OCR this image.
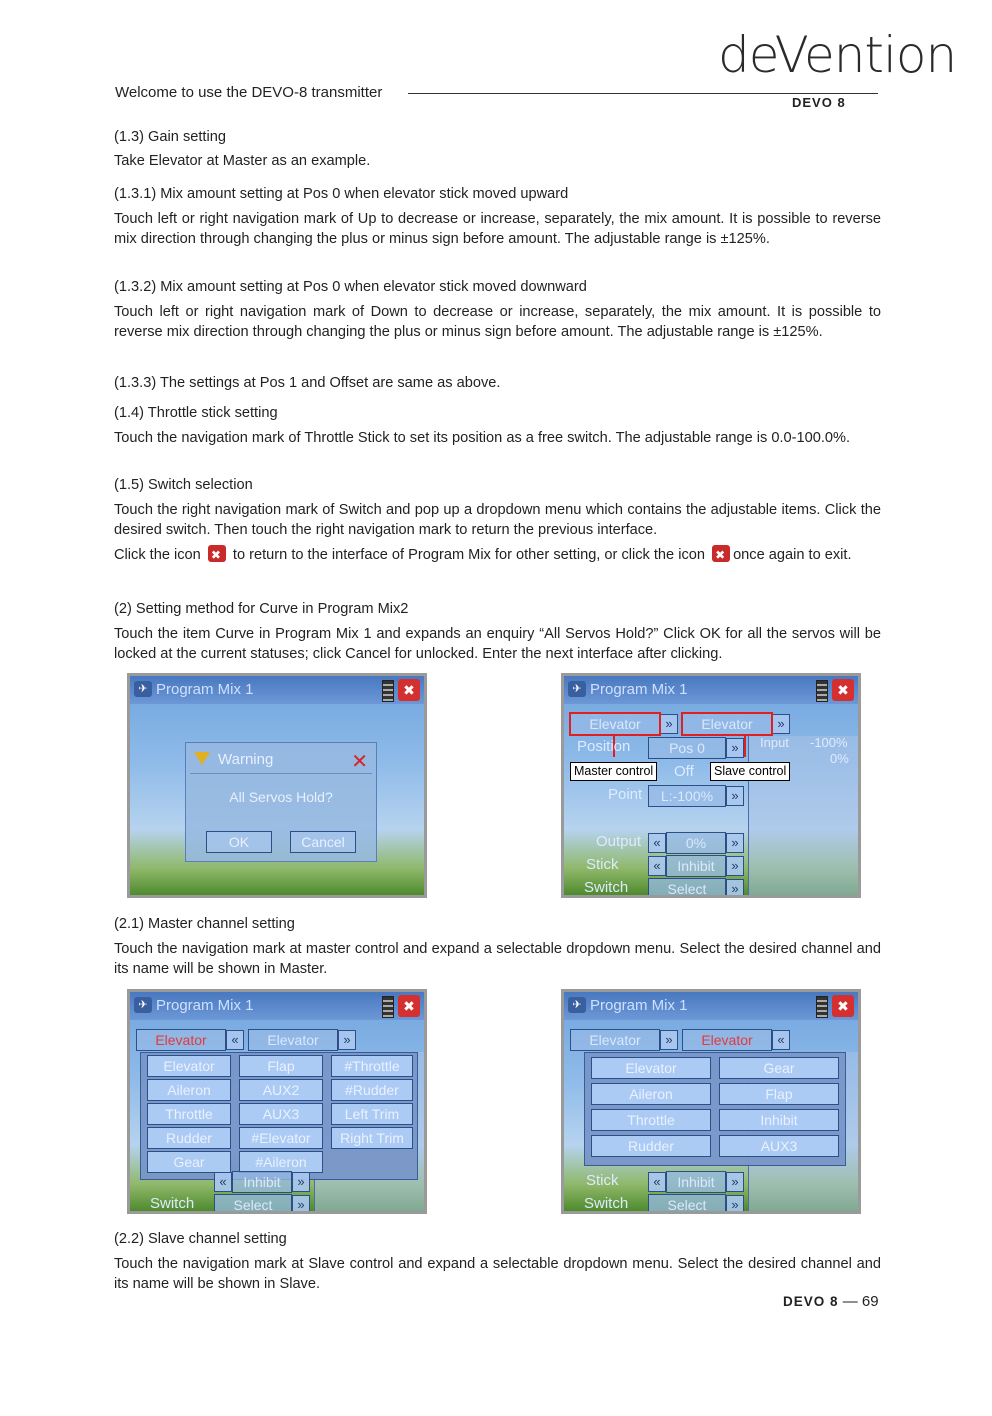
Welcome to use the DEVO-8 transmitter
deVention
DEVO 8
(1.3) Gain setting
Take Elevator at Master as an example.
(1.3.1) Mix amount setting at Pos 0 when elevator stick moved upward
Touch left or right navigation mark of Up to decrease or increase, separately, the mix amount. It is possible to reverse mix direction through changing the plus or minus sign before amount. The adjustable range is ±125%.
(1.3.2) Mix amount setting at Pos 0 when elevator stick moved downward
Touch left or right navigation mark of Down to decrease or increase, separately, the mix amount. It is possible to reverse mix direction through changing the plus or minus sign before amount. The adjustable range is ±125%.
(1.3.3) The settings at Pos 1 and Offset are same as above.
(1.4) Throttle stick setting
Touch the navigation mark of Throttle Stick to set its position as a free switch. The adjustable range is 0.0-100.0%.
(1.5) Switch selection
Touch the right navigation mark of Switch and pop up a dropdown menu which contains the adjustable items. Click the desired switch. Then touch the right navigation mark to return the previous interface.
Click the icon ✖ to return to the interface of Program Mix for other setting, or click the icon ✖ once again to exit.
(2) Setting method for Curve in Program Mix2
Touch the item Curve in Program Mix 1 and expands an enquiry “All Servos Hold?” Click OK for all the servos will be locked at the current statuses; click Cancel for unlocked. Enter the next interface after clicking.
✈ Program Mix 1	✖
Warning	✕
All Servos Hold?
OK	Cancel
✈ Program Mix 1	✖
Elevator	»	Elevator	»
Position	Pos 0	»	Input -100%
0%
Master control Off	Slave control
Point	L:-100%	»
Output «	0%	»
Stick	«	Inhibit	»
Switch	Select	»
(2.1) Master channel setting
Touch the navigation mark at master control and expand a selectable dropdown menu. Select the desired channel and its name will be shown in Master.
✈ Program Mix 1	✖
Elevator	«	Elevator	»
Elevator	Flap	#Throttle
Aileron	AUX2	#Rudder
Throttle	AUX3	Left Trim
Rudder	#Elevator	Right Trim
Gear	#Aileron
«	Inhibit	»
Switch	Select	»
✈ Program Mix 1	✖
Elevator	»	Elevator	«
Elevator	Gear
Aileron	Flap
Throttle	Inhibit
Rudder	AUX3
Stick	«	Inhibit	»
Switch	Select	»
(2.2) Slave channel setting
Touch the navigation mark at Slave control and expand a selectable dropdown menu. Select the desired channel and its name will be shown in Slave.
DEVO 8 — 69
